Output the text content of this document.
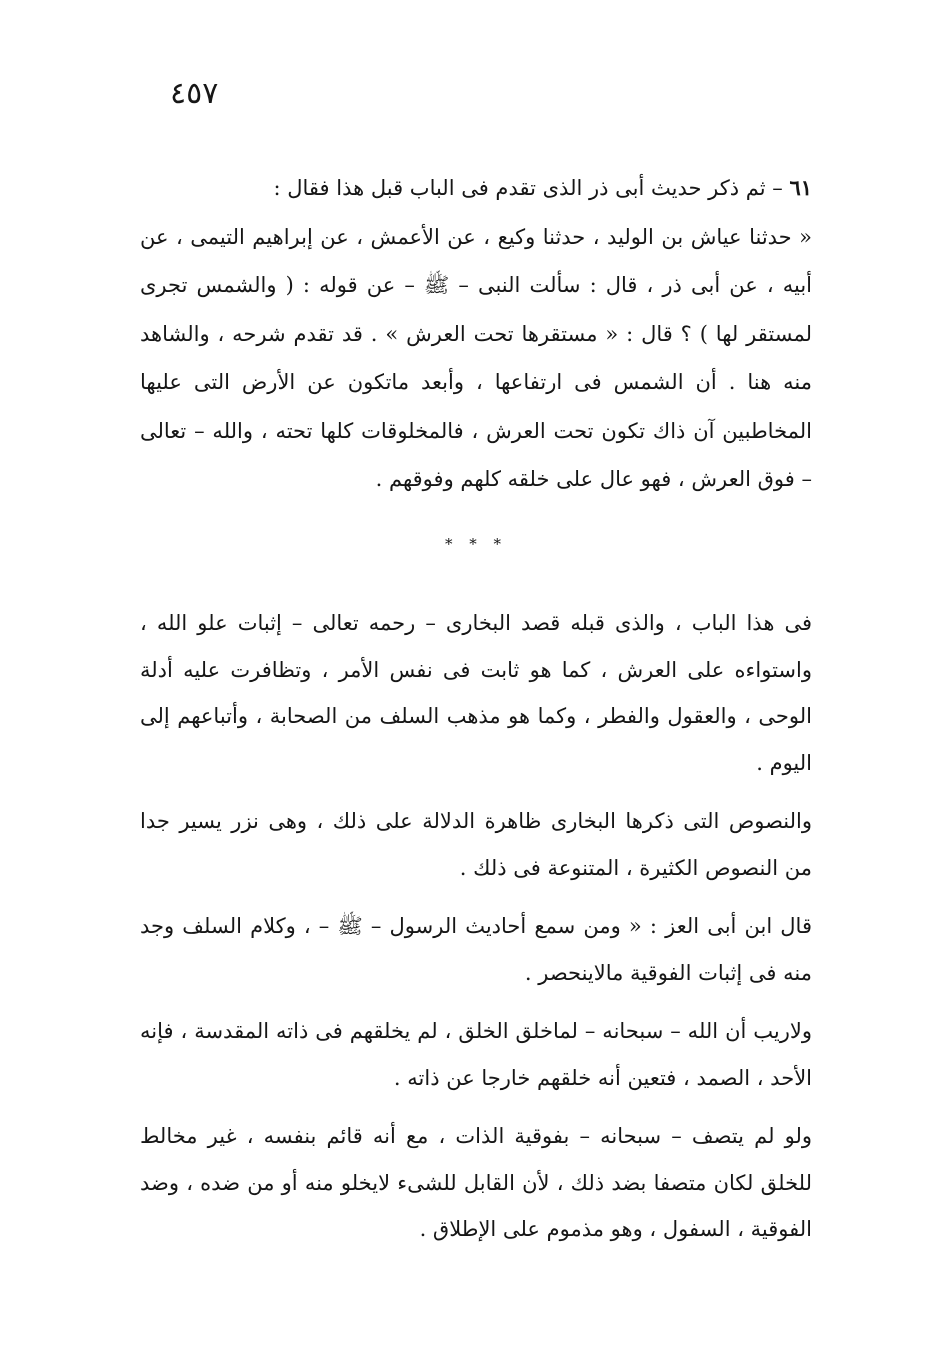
٤٥٧

٦١ – ثم ذكر حديث أبى ذر الذى تقدم فى الباب قبل هذا فقال :

« حدثنا عياش بن الوليد ، حدثنا وكيع ، عن الأعمش ، عن إبراهيم التيمى ، عن أبيه ، عن أبى ذر ، قال : سألت النبى – ﷺ – عن قوله : ( والشمس تجرى لمستقر لها ) ؟ قال : « مستقرها تحت العرش » . قد تقدم شرحه ، والشاهد منه هنا . أن الشمس فى ارتفاعها ، وأبعد ماتكون عن الأرض التى عليها المخاطبين آن ذاك تكون تحت العرش ، فالمخلوقات كلها تحته ، والله – تعالى – فوق العرش ، فهو عال على خلقه كلهم وفوقهم .

* * *

فى هذا الباب ، والذى قبله قصد البخارى – رحمه تعالى – إثبات علو الله ، واستواءه على العرش ، كما هو ثابت فى نفس الأمر ، وتظافرت عليه أدلة الوحى ، والعقول والفطر ، وكما هو مذهب السلف من الصحابة ، وأتباعهم إلى اليوم .

والنصوص التى ذكرها البخارى ظاهرة الدلالة على ذلك ، وهى نزر يسير جدا من النصوص الكثيرة ، المتنوعة فى ذلك .

قال ابن أبى العز : « ومن سمع أحاديث الرسول – ﷺ – ، وكلام السلف وجد منه فى إثبات الفوقية مالاينحصر .

ولاريب أن الله – سبحانه – لماخلق الخلق ، لم يخلقهم فى ذاته المقدسة ، فإنه الأحد ، الصمد ، فتعين أنه خلقهم خارجا عن ذاته .

ولو لم يتصف – سبحانه – بفوقية الذات ، مع أنه قائم بنفسه ، غير مخالط للخلق لكان متصفا بضد ذلك ، لأن القابل للشىء لايخلو منه أو من ضده ، وضد الفوقية ، السفول ، وهو مذموم على الإطلاق .
